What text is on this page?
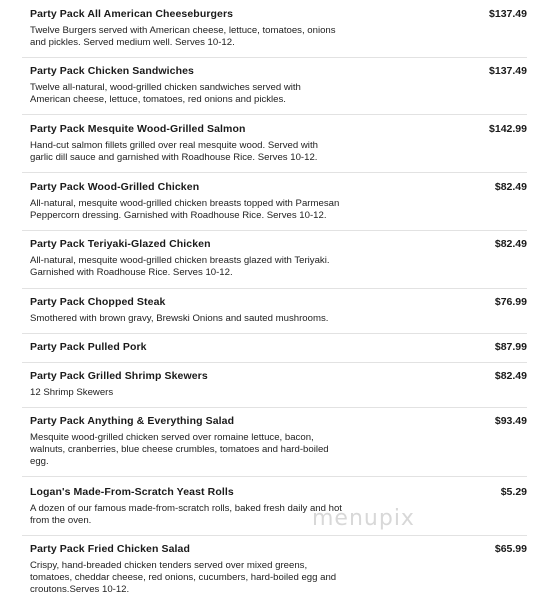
Party Pack All American Cheeseburgers	$137.49
Twelve Burgers served with American cheese, lettuce, tomatoes, onions
and pickles. Served medium well. Serves 10-12.
Party Pack Chicken Sandwiches	$137.49
Twelve all-natural, wood-grilled chicken sandwiches served with
American cheese, lettuce, tomatoes, red onions and pickles.
Party Pack Mesquite Wood-Grilled Salmon	$142.99
Hand-cut salmon fillets grilled over real mesquite wood. Served with
garlic dill sauce and garnished with Roadhouse Rice. Serves 10-12.
Party Pack Wood-Grilled Chicken	$82.49
All-natural, mesquite wood-grilled chicken breasts topped with Parmesan
Peppercorn dressing. Garnished with Roadhouse Rice. Serves 10-12.
Party Pack Teriyaki-Glazed Chicken	$82.49
All-natural, mesquite wood-grilled chicken breasts glazed with Teriyaki.
Garnished with Roadhouse Rice. Serves 10-12.
Party Pack Chopped Steak	$76.99
Smothered with brown gravy, Brewski Onions and sauted mushrooms.
Party Pack Pulled Pork	$87.99
Party Pack Grilled Shrimp Skewers	$82.49
12 Shrimp Skewers
Party Pack Anything & Everything Salad	$93.49
Mesquite wood-grilled chicken served over romaine lettuce, bacon,
walnuts, cranberries, blue cheese crumbles, tomatoes and hard-boiled
egg.
Logan's Made-From-Scratch Yeast Rolls	$5.29
A dozen of our famous made-from-scratch rolls, baked fresh daily and hot
from the oven.
Party Pack Fried Chicken Salad	$65.99
Crispy, hand-breaded chicken tenders served over mixed greens,
tomatoes, cheddar cheese, red onions, cucumbers, hard-boiled egg and
croutons.Serves 10-12.
menupix
